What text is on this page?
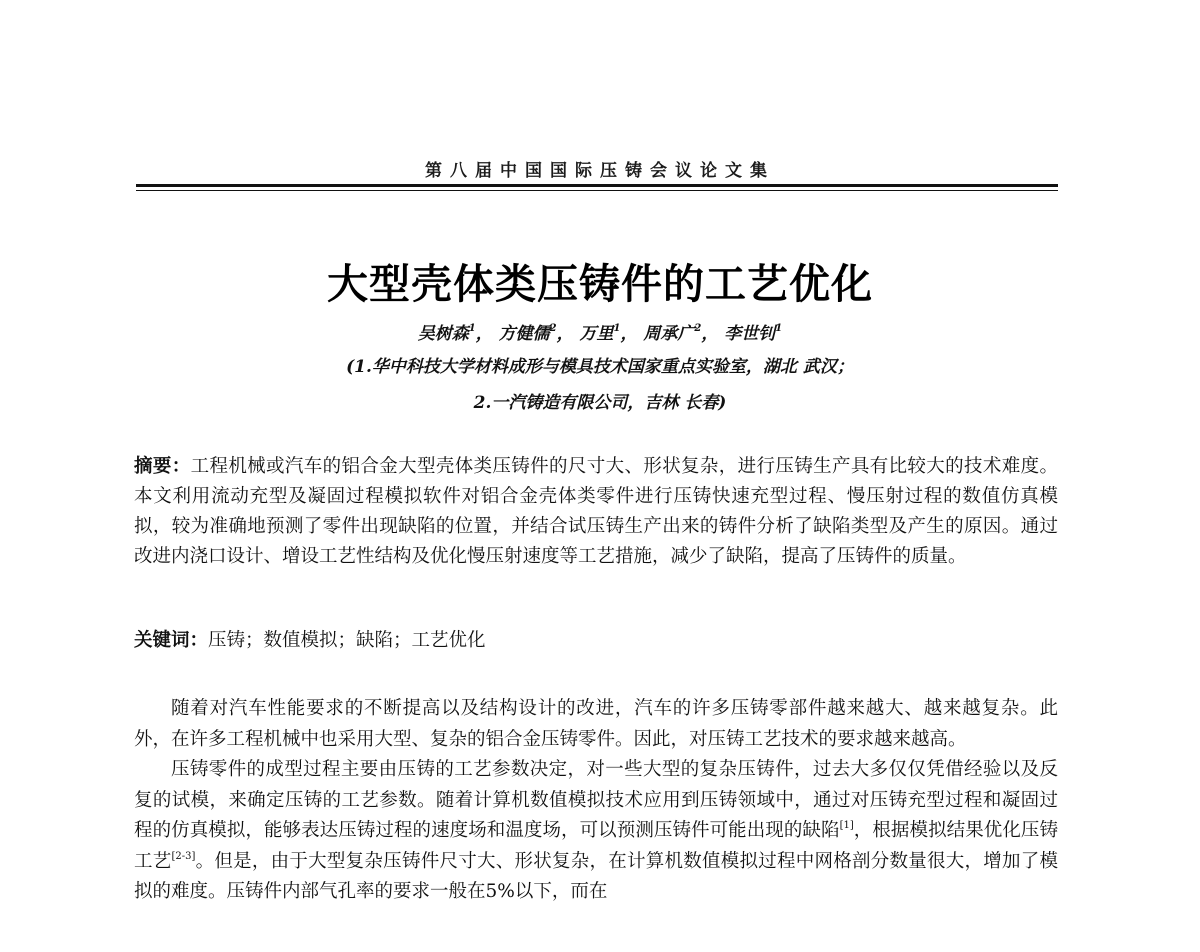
第八届中国国际压铸会议论文集
大型壳体类压铸件的工艺优化
吴树森$^1$， 方健儒$^2$， 万里$^1$， 周承广$^2$， 李世钊$^1$
(1.华中科技大学材料成形与模具技术国家重点实验室，湖北 武汉；
2.一汽铸造有限公司，吉林 长春)
摘要：工程机械或汽车的铝合金大型壳体类压铸件的尺寸大、形状复杂，进行压铸生产具有比较大的技术难度。本文利用流动充型及凝固过程模拟软件对铝合金壳体类零件进行压铸快速充型过程、慢压射过程的数值仿真模拟，较为准确地预测了零件出现缺陷的位置，并结合试压铸生产出来的铸件分析了缺陷类型及产生的原因。通过改进内浇口设计、增设工艺性结构及优化慢压射速度等工艺措施，减少了缺陷，提高了压铸件的质量。
关键词：压铸；数值模拟；缺陷；工艺优化

随着对汽车性能要求的不断提高以及结构设计的改进，汽车的许多压铸零部件越来越大、越来越复杂。此外，在许多工程机械中也采用大型、复杂的铝合金压铸零件。因此，对压铸工艺技术的要求越来越高。

压铸零件的成型过程主要由压铸的工艺参数决定，对一些大型的复杂压铸件，过去大多仅仅凭借经验以及反复的试模，来确定压铸的工艺参数。随着计算机数值模拟技术应用到压铸领域中，通过对压铸充型过程和凝固过程的仿真模拟，能够表达压铸过程的速度场和温度场，可以预测压铸件可能出现的缺陷[1]，根据模拟结果优化压铸工艺[2-3]。但是，由于大型复杂压铸件尺寸大、形状复杂，在计算机数值模拟过程中网格剖分数量很大，增加了模拟的难度。压铸件内部气孔率的要求一般在5%以下，而在
